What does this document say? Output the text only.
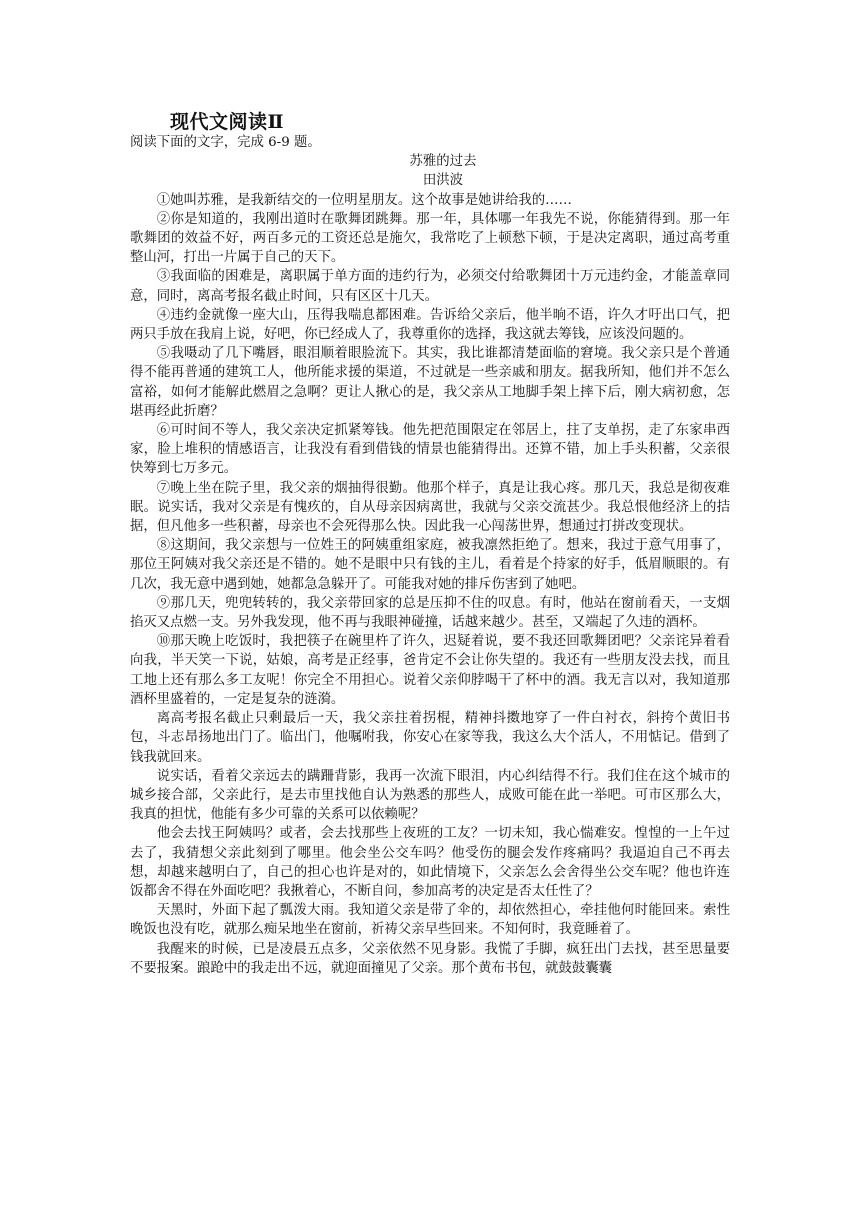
现代文阅读Ⅱ

阅读下面的文字，完成 6-9 题。

苏雅的过去

田洪波

①她叫苏雅，是我新结交的一位明星朋友。这个故事是她讲给我的……

②你是知道的，我刚出道时在歌舞团跳舞。那一年，具体哪一年我先不说，你能猜得到。那一年歌舞团的效益不好，两百多元的工资还总是施欠，我常吃了上顿愁下顿，于是决定离职，通过高考重整山河，打出一片属于自己的天下。

③我面临的困难是，离职属于单方面的违约行为，必须交付给歌舞团十万元违约金，才能盖章同意，同时，离高考报名截止时间，只有区区十几天。

④违约金就像一座大山，压得我喘息都困难。告诉给父亲后，他半晌不语，许久才吁出口气，把两只手放在我肩上说，好吧，你已经成人了，我尊重你的选择，我这就去筹钱，应该没问题的。

⑤我嗫动了几下嘴唇，眼泪顺着眼脸流下。其实，我比谁都清楚面临的窘境。我父亲只是个普通得不能再普通的建筑工人，他所能求援的渠道，不过就是一些亲戚和朋友。据我所知，他们并不怎么富裕，如何才能解此燃眉之急啊？更让人揪心的是，我父亲从工地脚手架上摔下后，刚大病初愈，怎堪再经此折磨？

⑥可时间不等人，我父亲决定抓紧筹钱。他先把范围限定在邻居上，拄了支单拐，走了东家串西家，脸上堆积的情感语言，让我没有看到借钱的情景也能猜得出。还算不错，加上手头积蓄，父亲很快筹到七万多元。

⑦晚上坐在院子里，我父亲的烟抽得很勤。他那个样子，真是让我心疼。那几天，我总是彻夜难眠。说实话，我对父亲是有愧疚的，自从母亲因病离世，我就与父亲交流甚少。我总恨他经济上的拮据，但凡他多一些积蓄，母亲也不会死得那么快。因此我一心闯荡世界，想通过打拼改变现状。

⑧这期间，我父亲想与一位姓王的阿姨重组家庭，被我凛然拒绝了。想来，我过于意气用事了，那位王阿姨对我父亲还是不错的。她不是眼中只有钱的主儿，看着是个持家的好手，低眉顺眼的。有几次，我无意中遇到她，她都急急躲开了。可能我对她的排斥伤害到了她吧。

⑨那几天，兜兜转转的，我父亲带回家的总是压抑不住的叹息。有时，他站在窗前看天，一支烟掐灭又点燃一支。另外我发现，他不再与我眼神碰撞，话越来越少。甚至，又端起了久违的酒杯。

⑩那天晚上吃饭时，我把筷子在碗里杵了许久，迟疑着说，要不我还回歌舞团吧？父亲诧异着看向我，半天笑一下说，姑娘，高考是正经事，爸肯定不会让你失望的。我还有一些朋友没去找，而且工地上还有那么多工友呢！你完全不用担心。说着父亲仰脖喝干了杯中的酒。我无言以对，我知道那酒杯里盛着的，一定是复杂的涟漪。

离高考报名截止只剩最后一天，我父亲拄着拐棍，精神抖擞地穿了一件白衬衣，斜挎个黄旧书包，斗志昂扬地出门了。临出门，他嘱咐我，你安心在家等我，我这么大个活人，不用惦记。借到了钱我就回来。

说实话，看着父亲远去的蹒跚背影，我再一次流下眼泪，内心纠结得不行。我们住在这个城市的城乡接合部，父亲此行，是去市里找他自认为熟悉的那些人，成败可能在此一举吧。可市区那么大，我真的担忧，他能有多少可靠的关系可以依赖呢？

他会去找王阿姨吗？或者，会去找那些上夜班的工友？一切未知，我心惴难安。惶惶的一上午过去了，我猜想父亲此刻到了哪里。他会坐公交车吗？他受伤的腿会发作疼痛吗？我逼迫自己不再去想，却越来越明白了，自己的担心也许是对的，如此情境下，父亲怎么会舍得坐公交车呢？他也许连饭都舍不得在外面吃吧？我揪着心，不断自问，参加高考的决定是否太任性了？

天黑时，外面下起了瓢泼大雨。我知道父亲是带了伞的，却依然担心，牵挂他何时能回来。索性晚饭也没有吃，就那么痴呆地坐在窗前，祈祷父亲早些回来。不知何时，我竟睡着了。

我醒来的时候，已是凌晨五点多，父亲依然不见身影。我慌了手脚，疯狂出门去找，甚至思量要不要报案。踉跄中的我走出不远，就迎面撞见了父亲。那个黄布书包，就鼓鼓囊囊
